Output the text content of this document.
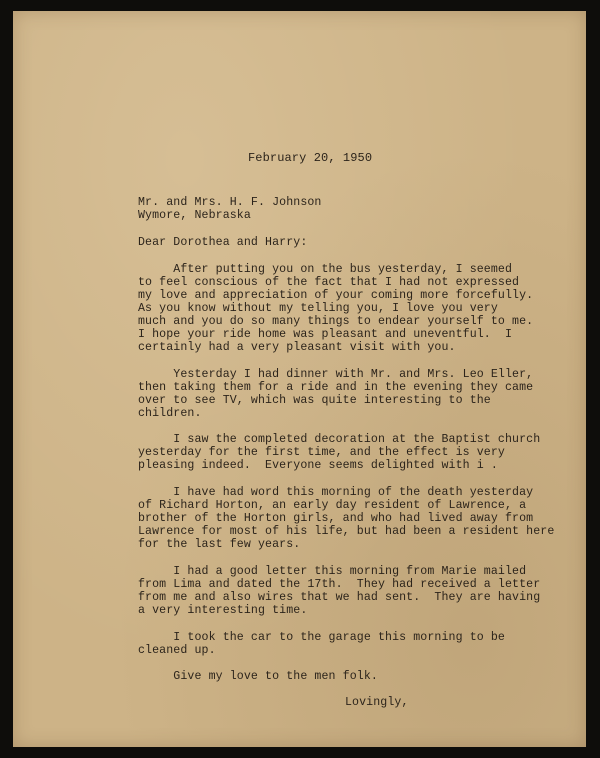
February 20, 1950
Mr. and Mrs. H. F. Johnson
Wymore, Nebraska
Dear Dorothea and Harry:
After putting you on the bus yesterday, I seemed
to feel conscious of the fact that I had not expressed
my love and appreciation of your coming more forcefully.
As you know without my telling you, I love you very
much and you do so many things to endear yourself to me.
I hope your ride home was pleasant and uneventful.  I
certainly had a very pleasant visit with you.
Yesterday I had dinner with Mr. and Mrs. Leo Eller,
then taking them for a ride and in the evening they came
over to see TV, which was quite interesting to the
children.
I saw the completed decoration at the Baptist church
yesterday for the first time, and the effect is very
pleasing indeed.  Everyone seems delighted with i .
I have had word this morning of the death yesterday
of Richard Horton, an early day resident of Lawrence, a
brother of the Horton girls, and who had lived away from
Lawrence for most of his life, but had been a resident here
for the last few years.
I had a good letter this morning from Marie mailed
from Lima and dated the 17th.  They had received a letter
from me and also wires that we had sent.  They are having
a very interesting time.
I took the car to the garage this morning to be
cleaned up.
Give my love to the men folk.
Lovingly,
